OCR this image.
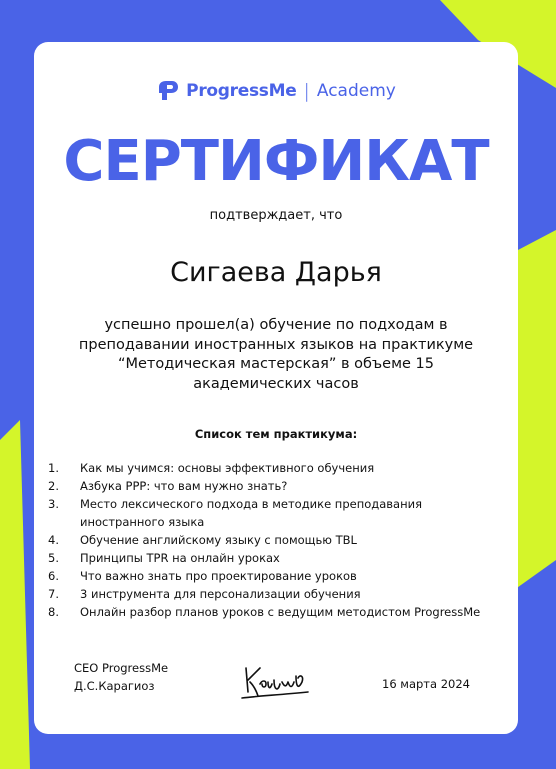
ProgressMe | Academy
СЕРТИФИКАТ
подтверждает, что
Сигаева Дарья
успешно прошел(а) обучение по подходам в
преподавании иностранных языков на практикуме
“Методическая мастерская” в объеме 15
академических часов
Список тем практикума:
1.	Как мы учимся: основы эффективного обучения
2.	Азбука PPP: что вам нужно знать?
3.	Место лексического подхода в методике преподавания
иностранного языка
4.	Обучение английскому языку с помощью TBL
5.	Принципы TPR на онлайн уроках
6.	Что важно знать про проектирование уроков
7.	3 инструмента для персонализации обучения
8.	Онлайн разбор планов уроков с ведущим методистом ProgressMe
CEO ProgressMe
Д.С.Карагиоз	16 марта 2024
